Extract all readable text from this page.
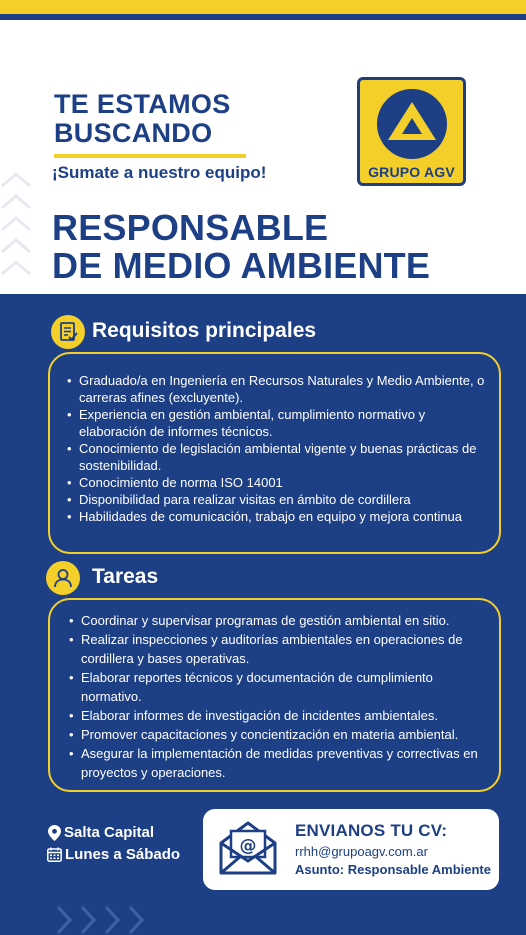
TE ESTAMOS
BUSCANDO
¡Sumate a nuestro equipo!	GRUPO AGV
RESPONSABLE
DE MEDIO AMBIENTE
Requisitos principales
• Graduado/a en Ingeniería en Recursos Naturales y Medio Ambiente, o carreras afines (excluyente).
• Experiencia en gestión ambiental, cumplimiento normativo y elaboración de informes técnicos.
• Conocimiento de legislación ambiental vigente y buenas prácticas de sostenibilidad.
• Conocimiento de norma ISO 14001
• Disponibilidad para realizar visitas en ámbito de cordillera
• Habilidades de comunicación, trabajo en equipo y mejora continua
Tareas
• Coordinar y supervisar programas de gestión ambiental en sitio.
• Realizar inspecciones y auditorías ambientales en operaciones de cordillera y bases operativas.
• Elaborar reportes técnicos y documentación de cumplimiento normativo.
• Elaborar informes de investigación de incidentes ambientales.
• Promover capacitaciones y concientización en materia ambiental.
• Asegurar la implementación de medidas preventivas y correctivas en proyectos y operaciones.
Salta Capital
Lunes a Sábado	@
ENVIANOS TU CV:
rrhh@grupoagv.com.ar
Asunto: Responsable Ambiente
